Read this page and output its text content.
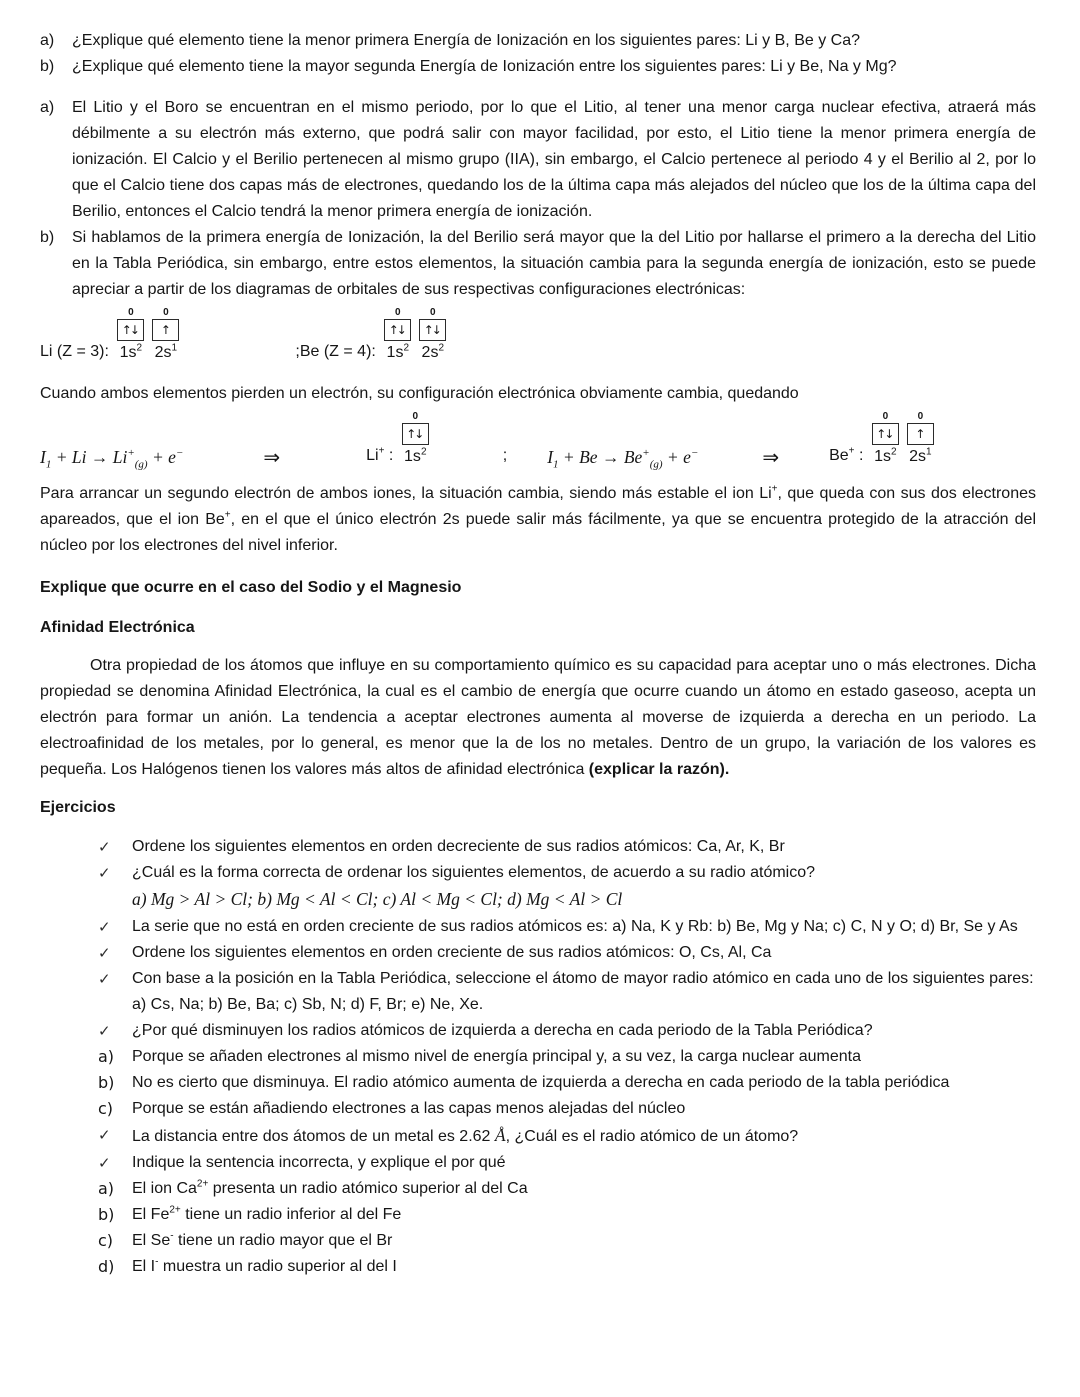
a)	¿Explique qué elemento tiene la menor primera Energía de Ionización en los siguientes pares: Li y B, Be y Ca?
b)	¿Explique qué elemento tiene la mayor segunda Energía de Ionización entre los siguientes pares: Li y Be, Na y Mg?
a)	El Litio y el Boro se encuentran en el mismo periodo, por lo que el Litio, al tener una menor carga nuclear efectiva, atraerá más débilmente a su electrón más externo, que podrá salir con mayor facilidad, por esto, el Litio tiene la menor primera energía de ionización. El Calcio y el Berilio pertenecen al mismo grupo (IIA), sin embargo, el Calcio pertenece al periodo 4 y el Berilio al 2, por lo que el Calcio tiene dos capas más de electrones, quedando los de la última capa más alejados del núcleo que los de la última capa del Berilio, entonces el Calcio tendrá la menor primera energía de ionización.
b)	Si hablamos de la primera energía de Ionización, la del Berilio será mayor que la del Litio por hallarse el primero a la derecha del Litio en la Tabla Periódica, sin embargo, entre estos elementos, la situación cambia para la segunda energía de ionización, esto se puede apreciar a partir de los diagramas de orbitales de sus respectivas configuraciones electrónicas:
Li (Z = 3):
0
↑↓
$1s^2$
0
↑
$2s^1$	; Be (Z = 4):
0
↑↓
$1s^2$
0
↑↓
$2s^2$

Cuando ambos elementos pierden un electrón, su configuración electrónica obviamente cambia, quedando

$I_1 + Li \to Li^+_{(g)} + e^-$	⇒	Li+ :
0
↑↓
$1s^2$	; $I_1 + Be \to Be^+_{(g)} + e^-$	⇒	Be+ :
0
↑↓
$1s^2$
0
↑
$2s^1$

Para arrancar un segundo electrón de ambos iones, la situación cambia, siendo más estable el ion Li+, que queda con sus dos electrones apareados, que el ion Be+, en el que el único electrón 2s puede salir más fácilmente, ya que se encuentra protegido de la atracción del núcleo por los electrones del nivel inferior.

Explique que ocurre en el caso del Sodio y el Magnesio

Afinidad Electrónica

Otra propiedad de los átomos que influye en su comportamiento químico es su capacidad para aceptar uno o más electrones. Dicha propiedad se denomina Afinidad Electrónica, la cual es el cambio de energía que ocurre cuando un átomo en estado gaseoso, acepta un electrón para formar un anión. La tendencia a aceptar electrones aumenta al moverse de izquierda a derecha en un periodo. La electroafinidad de los metales, por lo general, es menor que la de los no metales. Dentro de un grupo, la variación de los valores es pequeña. Los Halógenos tienen los valores más altos de afinidad electrónica (explicar la razón).

Ejercicios

✓	Ordene los siguientes elementos en orden decreciente de sus radios atómicos: Ca, Ar, K, Br
✓	¿Cuál es la forma correcta de ordenar los siguientes elementos, de acuerdo a su radio atómico?
a) Mg > Al > Cl; b) Mg < Al < Cl; c) Al < Mg < Cl; d) Mg < Al > Cl
✓	La serie que no está en orden creciente de sus radios atómicos es: a) Na, K y Rb: b) Be, Mg y Na; c) C, N y O; d) Br, Se y As
✓	Ordene los siguientes elementos en orden creciente de sus radios atómicos: O, Cs, Al, Ca
✓	Con base a la posición en la Tabla Periódica, seleccione el átomo de mayor radio atómico en cada uno de los siguientes pares: a) Cs, Na; b) Be, Ba; c) Sb, N; d) F, Br; e) Ne, Xe.
✓	¿Por qué disminuyen los radios atómicos de izquierda a derecha en cada periodo de la Tabla Periódica?
a)	Porque se añaden electrones al mismo nivel de energía principal y, a su vez, la carga nuclear aumenta
b)	No es cierto que disminuya. El radio atómico aumenta de izquierda a derecha en cada periodo de la tabla periódica
c)	Porque se están añadiendo electrones a las capas menos alejadas del núcleo
✓	La distancia entre dos átomos de un metal es 2.62 Å, ¿Cuál es el radio atómico de un átomo?
✓	Indique la sentencia incorrecta, y explique el por qué
a)	El ion $Ca^{2+}$ presenta un radio atómico superior al del Ca
b)	El $Fe^{2+}$ tiene un radio inferior al del Fe
c)	El Se- tiene un radio mayor que el Br
d)	El I- muestra un radio superior al del I
